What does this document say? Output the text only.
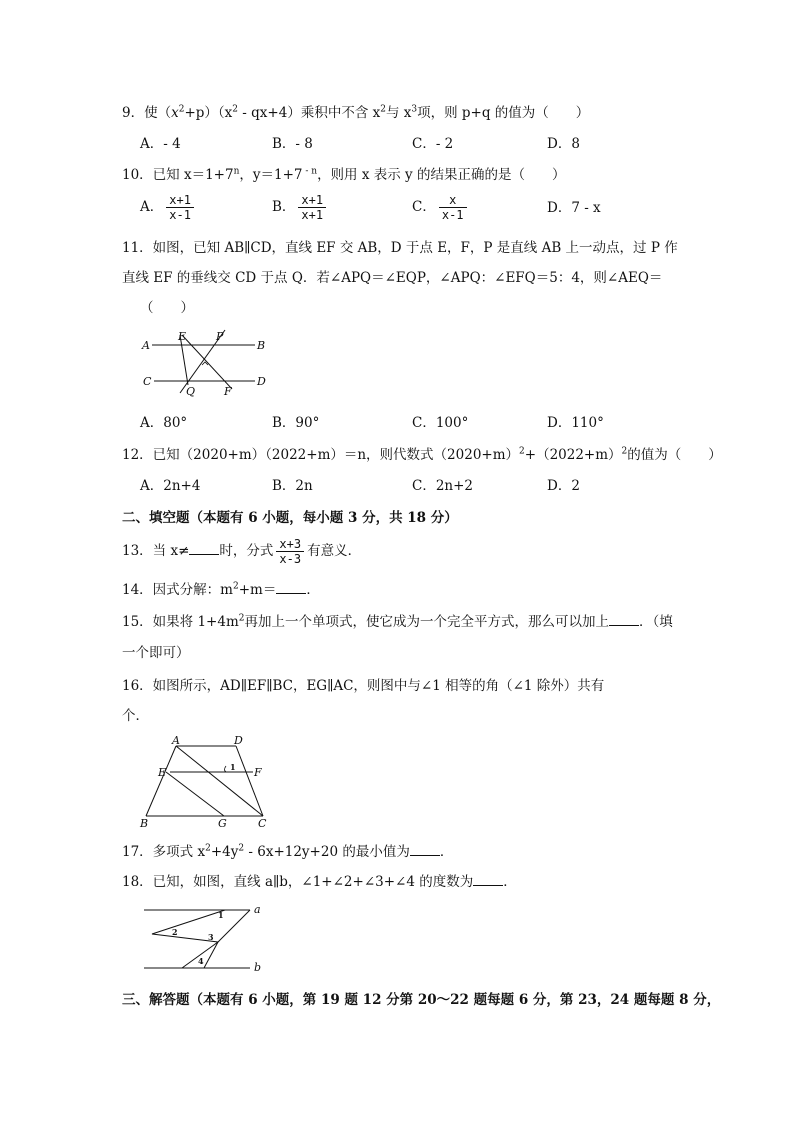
9．使$(x^2+p)(x^2 - qx+4)$乘积中不含 $x^2$与 $x^3$项，则 p+q 的值为（　　）
A．- 4	B．- 8	C．- 2	D．8
10．已知 $x=1+7^n$，y＝1+7 $^{- n}$，则用 x 表示 y 的结果正确的是（　　）
A． $\frac{x+1}{x-1}$	B． $\frac{x+1}{x+1}$	C． $\frac{x}{x-1}$	D．7 - x
11．如图，已知 AB∥CD，直线 EF 交 AB，D 于点 E，F，P 是直线 AB 上一动点，过 P 作
直线 EF 的垂线交 CD 于点 Q．若∠APQ＝∠EQP，∠APQ：∠EFQ＝5：4，则∠AEQ＝
（　　）
A
E	P
B
C
Q	F
D
A．80°	B．90°	C．100°	D．110°
12．已知（2020+m）（2022+m）＝n，则代数式$(2020+m)^2+(2022+m)^2$的值为（　　）
A．2n+4	B．2n	C．2n+2	D．2
二、填空题（本题有 6 小题，每小题 3 分，共 18 分）
13．当 x≠ 时，分式 $\frac{x+3}{x-3}$ 有意义．
14．因式分解：$m^2+m=$ ．
15．如果将 $1+4m^2$再加上一个单项式，使它成为一个完全平方式，那么可以加上 ．（填
一个即可）
16．如图所示，AD∥EF∥BC，EG∥AC，则图中与∠1 相等的角（∠1 除外）共有
个．
A	D
E	F
B	G	C
1
17．多项式 $x^2+4y^2 - 6x+12y+20$ 的最小值为 ．
18．已知，如图，直线 a∥b，∠1+∠2+∠3+∠4 的度数为 ．
a
b
1
2	3
4
三、解答题（本题有 6 小题，第 19 题 12 分第 20～22 题每题 6 分，第 23，24 题每题 8 分，
